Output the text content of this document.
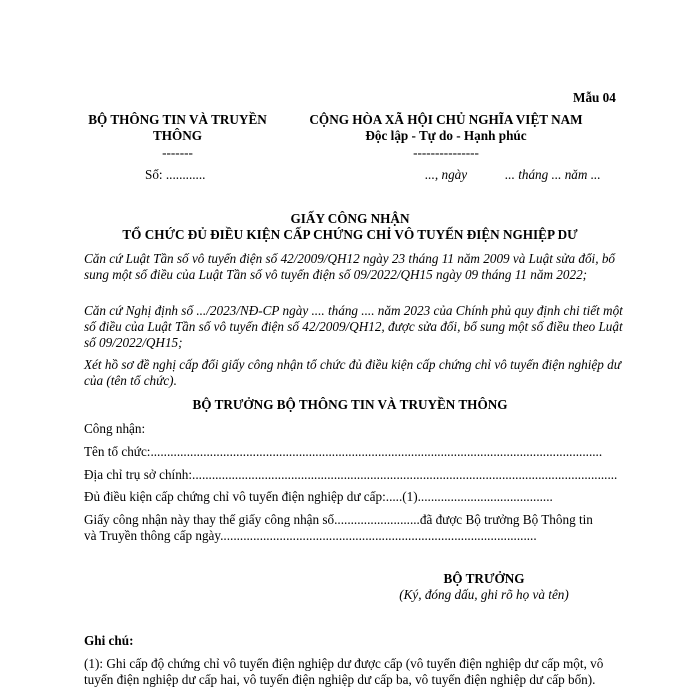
Mẫu 04
BỘ THÔNG TIN VÀ TRUYỀN
THÔNG
-------
Số: ............
CỘNG HÒA XÃ HỘI CHỦ NGHĨA VIỆT NAM
Độc lập - Tự do - Hạnh phúc
---------------
..., ngày	... tháng ... năm ...
GIẤY CÔNG NHẬN
TỔ CHỨC ĐỦ ĐIỀU KIỆN CẤP CHỨNG CHỈ VÔ TUYẾN ĐIỆN NGHIỆP DƯ
Căn cứ Luật Tần số vô tuyến điện số 42/2009/QH12 ngày 23 tháng 11 năm 2009 và Luật sửa đổi, bổ sung một số điều của Luật Tần số vô tuyến điện số 09/2022/QH15 ngày 09 tháng 11 năm 2022;
Căn cứ Nghị định số .../2023/NĐ-CP ngày .... tháng .... năm 2023 của Chính phủ quy định chi tiết một số điều của Luật Tần số vô tuyến điện số 42/2009/QH12, được sửa đổi, bổ sung một số điều theo Luật số 09/2022/QH15;
Xét hồ sơ đề nghị cấp đổi giấy công nhận tổ chức đủ điều kiện cấp chứng chỉ vô tuyến điện nghiệp dư của (tên tổ chức).
BỘ TRƯỞNG BỘ THÔNG TIN VÀ TRUYỀN THÔNG
Công nhận:
Tên tổ chức:.........................................................................................................................................
Địa chỉ trụ sở chính:.................................................................................................................................
Đủ điều kiện cấp chứng chỉ vô tuyến điện nghiệp dư cấp:.....(1).........................................
Giấy công nhận này thay thế giấy công nhận số..........................đã được Bộ trưởng Bộ Thông tin
và Truyền thông cấp ngày................................................................................................
BỘ TRƯỞNG
(Ký, đóng dấu, ghi rõ họ và tên)
Ghi chú:
(1): Ghi cấp độ chứng chỉ vô tuyến điện nghiệp dư được cấp (vô tuyến điện nghiệp dư cấp một, vô tuyến điện nghiệp dư cấp hai, vô tuyến điện nghiệp dư cấp ba, vô tuyến điện nghiệp dư cấp bốn).
